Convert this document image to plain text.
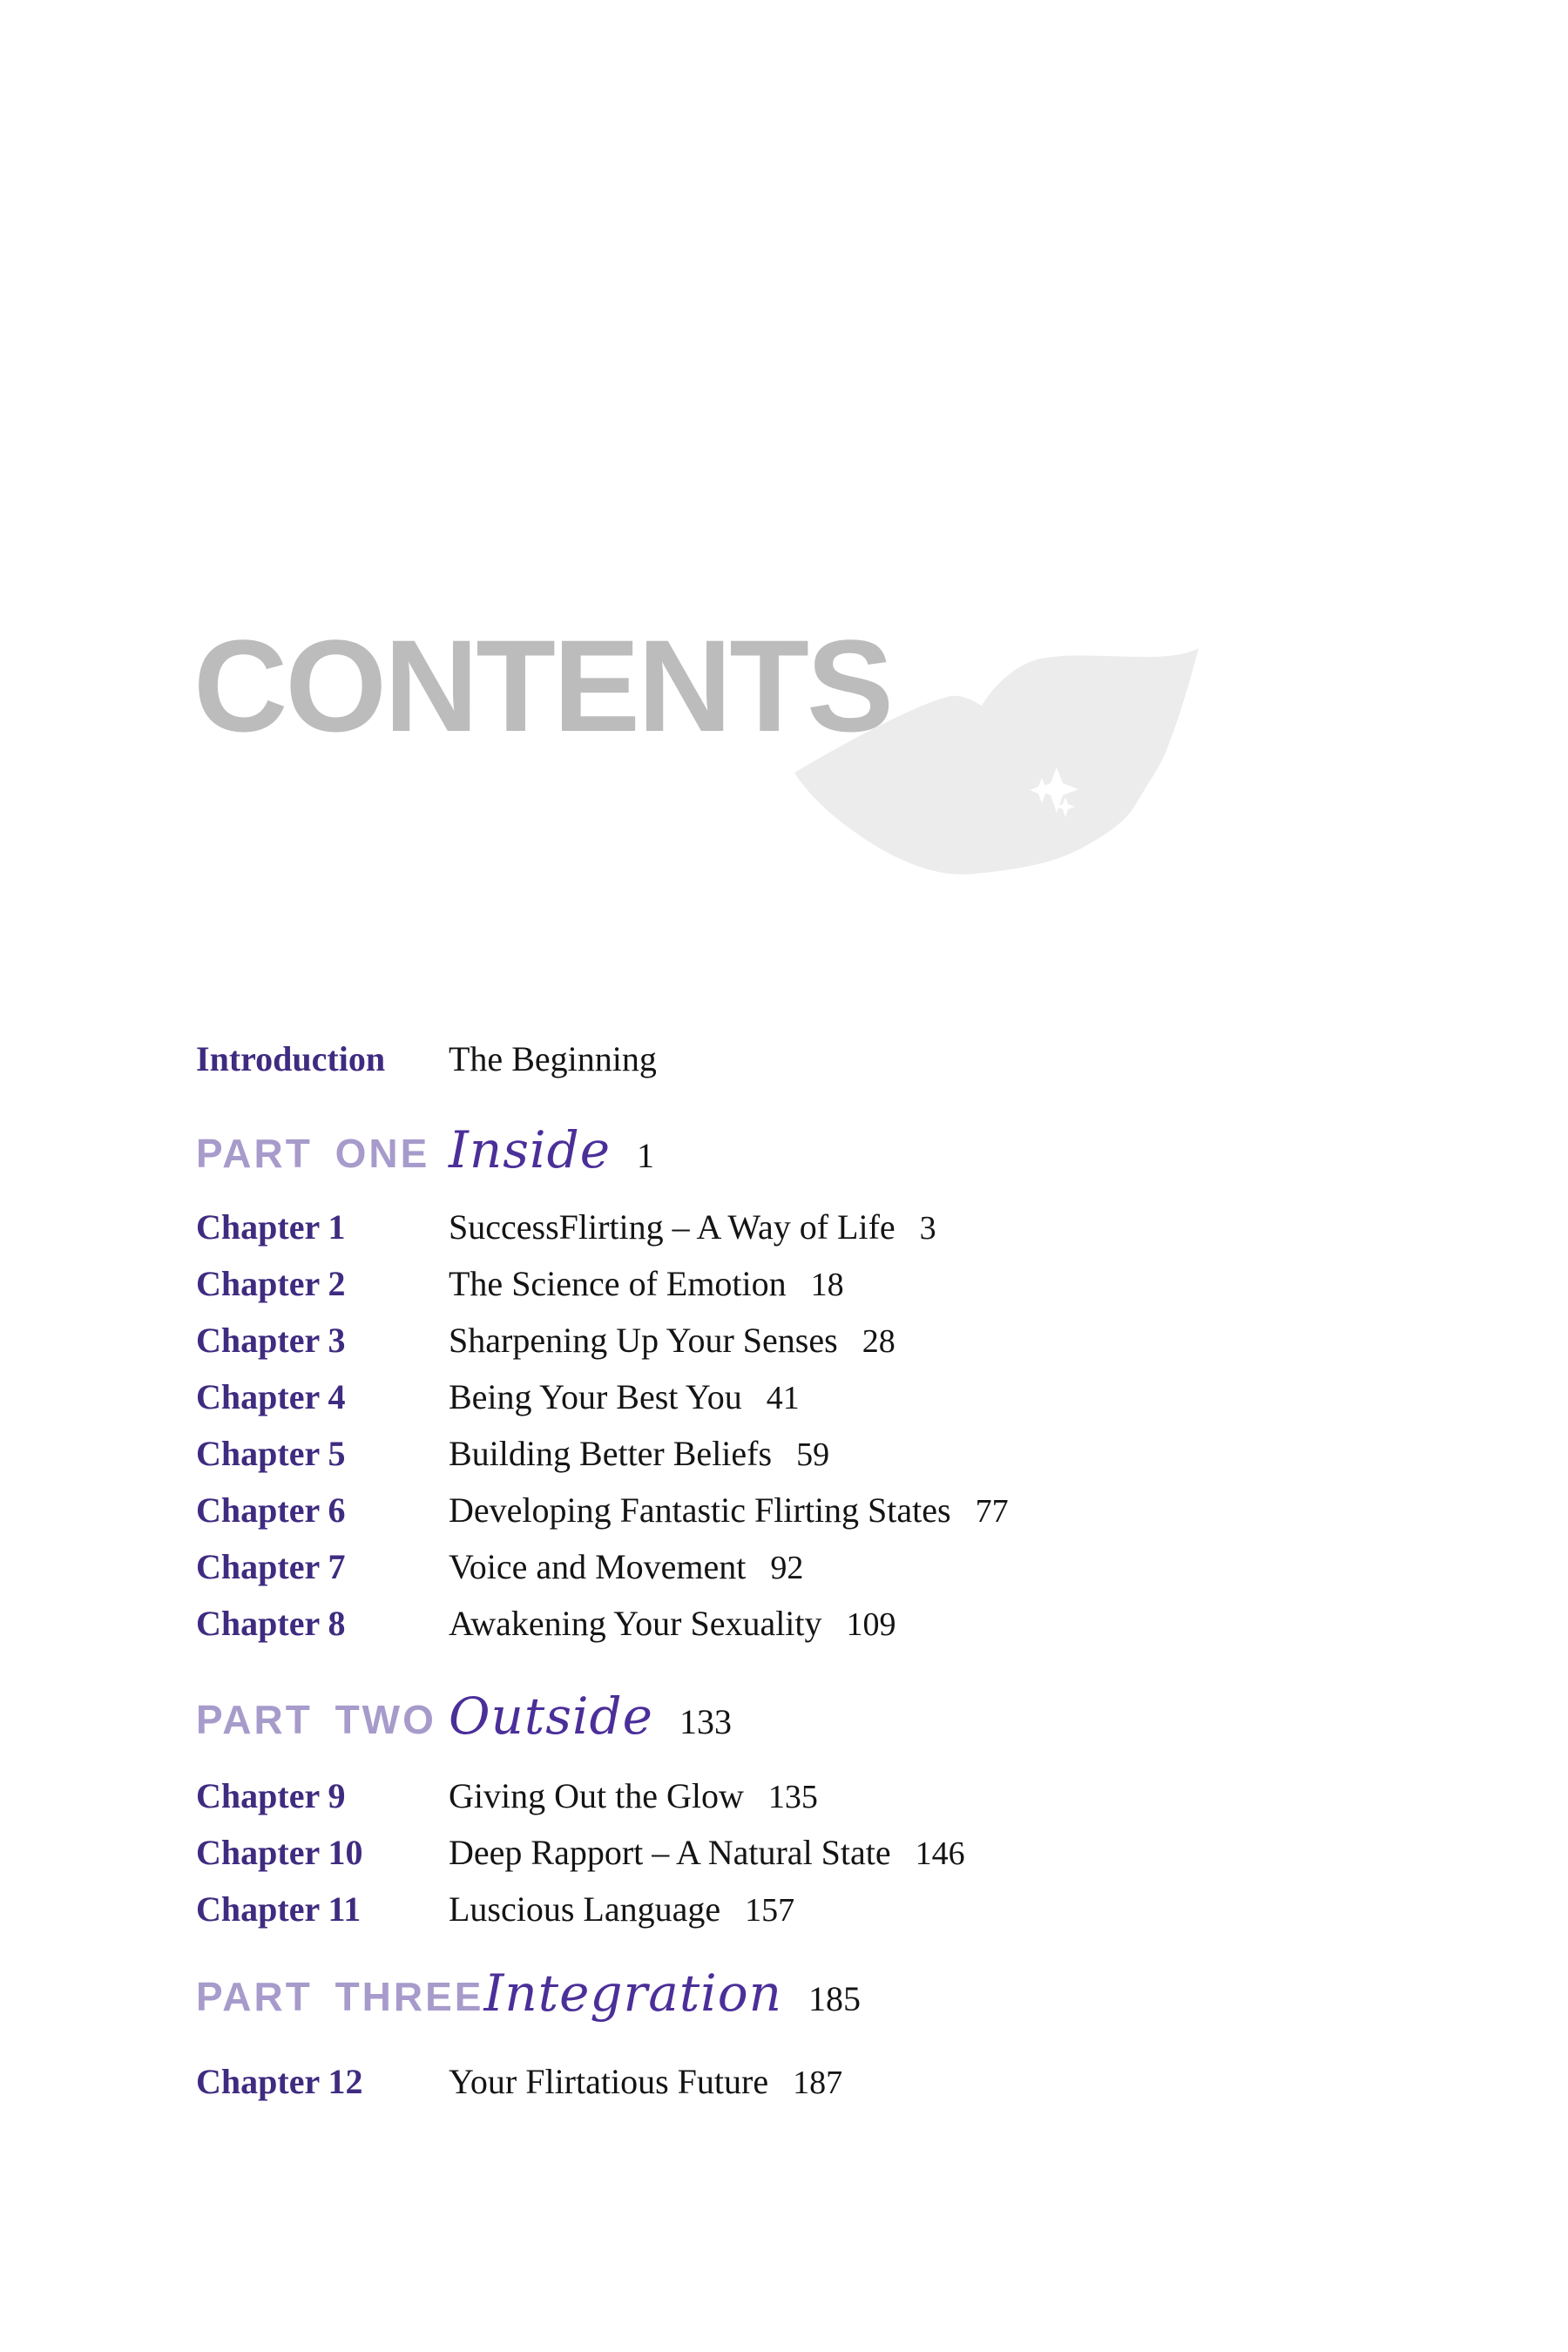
CONTENTS
Introduction The Beginning
PART ONE Inside 1
Chapter 1	SuccessFlirting – A Way of Life 3
Chapter 2	The Science of Emotion 18
Chapter 3	Sharpening Up Your Senses 28
Chapter 4	Being Your Best You 41
Chapter 5	Building Better Beliefs 59
Chapter 6	Developing Fantastic Flirting States 77
Chapter 7	Voice and Movement 92
Chapter 8	Awakening Your Sexuality 109
PART TWO Outside 133
Chapter 9	Giving Out the Glow 135
Chapter 10 Deep Rapport – A Natural State 146
Chapter 11	Luscious Language 157
PART THREEIntegration 185
Chapter 12 Your Flirtatious Future 187
